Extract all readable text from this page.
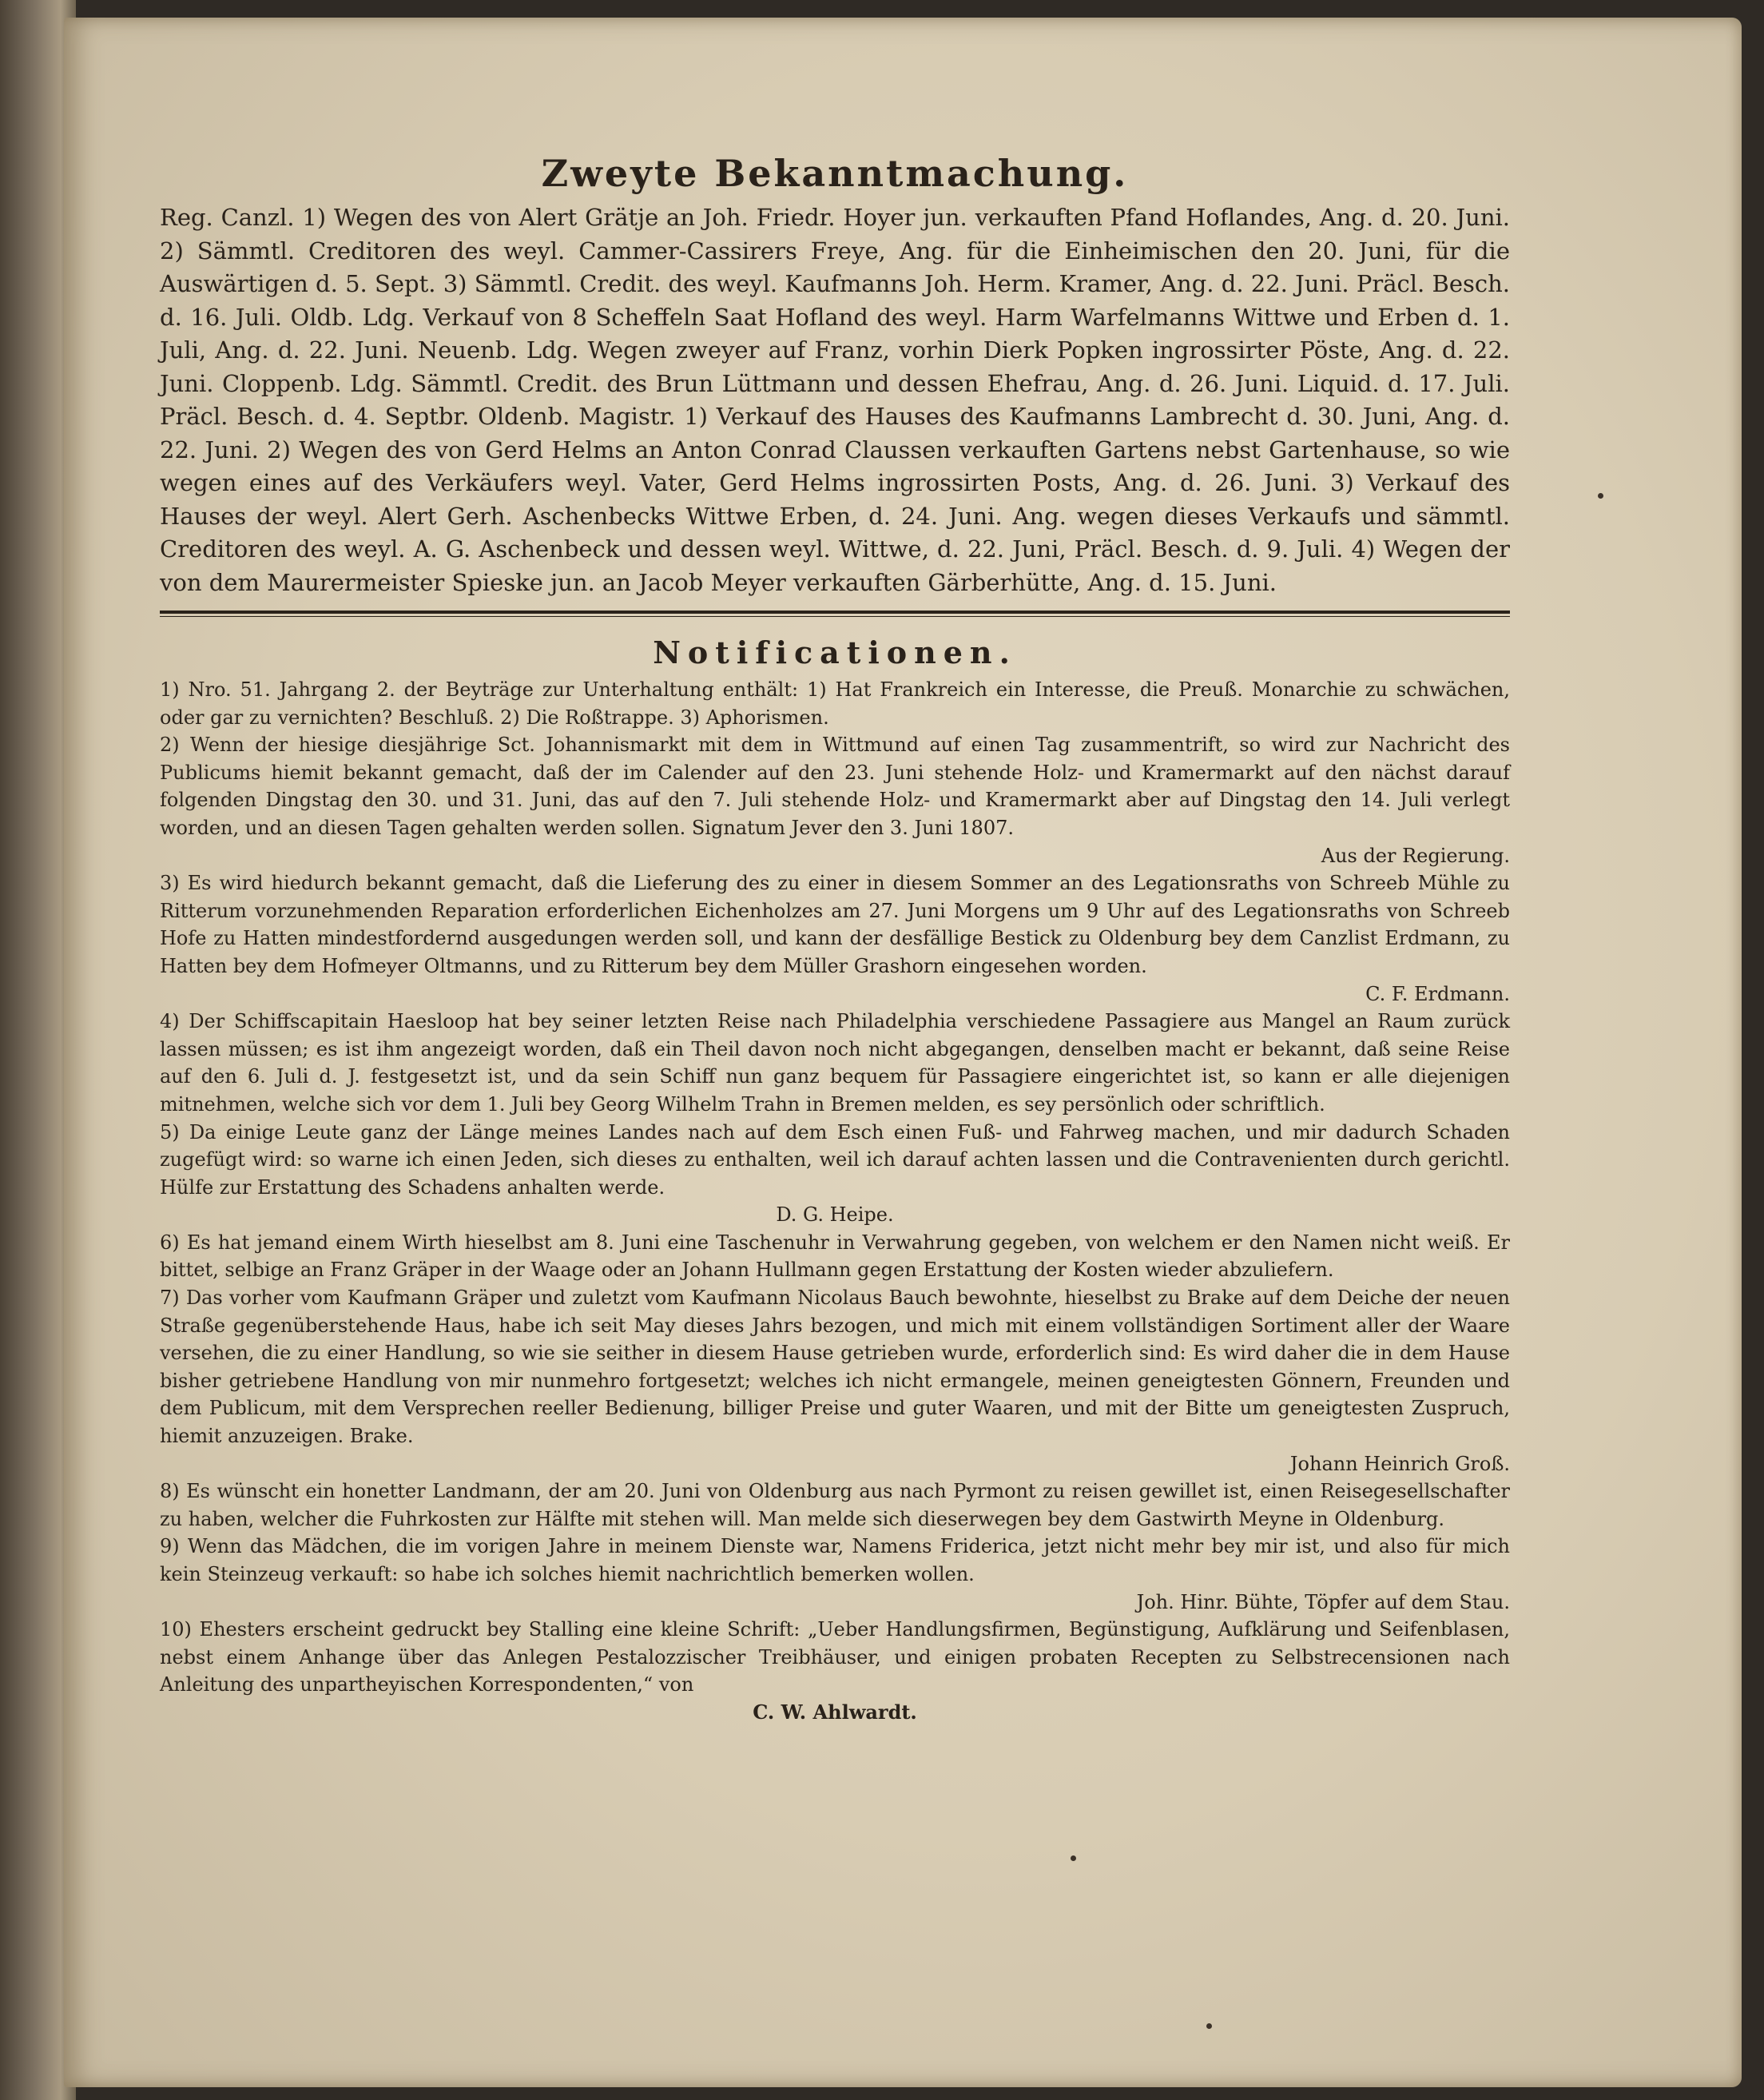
Zweyte Bekanntmachung.

Reg. Canzl. 1) Wegen des von Alert Grätje an Joh. Friedr. Hoyer jun. verkauften Pfand Hoflandes, Ang. d. 20. Juni. 2) Sämmtl. Creditoren des weyl. Cammer-Cassirers Freye, Ang. für die Einheimischen den 20. Juni, für die Auswärtigen d. 5. Sept. 3) Sämmtl. Credit. des weyl. Kaufmanns Joh. Herm. Kramer, Ang. d. 22. Juni. Präcl. Besch. d. 16. Juli. Oldb. Ldg. Verkauf von 8 Scheffeln Saat Hofland des weyl. Harm Warfelmanns Wittwe und Erben d. 1. Juli, Ang. d. 22. Juni. Neuenb. Ldg. Wegen zweyer auf Franz, vorhin Dierk Popken ingrossirter Pöste, Ang. d. 22. Juni. Cloppenb. Ldg. Sämmtl. Credit. des Brun Lüttmann und dessen Ehefrau, Ang. d. 26. Juni. Liquid. d. 17. Juli. Präcl. Besch. d. 4. Septbr. Oldenb. Magistr. 1) Verkauf des Hauses des Kaufmanns Lambrecht d. 30. Juni, Ang. d. 22. Juni. 2) Wegen des von Gerd Helms an Anton Conrad Claussen verkauften Gartens nebst Gartenhause, so wie wegen eines auf des Verkäufers weyl. Vater, Gerd Helms ingrossirten Posts, Ang. d. 26. Juni. 3) Verkauf des Hauses der weyl. Alert Gerh. Aschenbecks Wittwe Erben, d. 24. Juni. Ang. wegen dieses Verkaufs und sämmtl. Creditoren des weyl. A. G. Aschenbeck und dessen weyl. Wittwe, d. 22. Juni, Präcl. Besch. d. 9. Juli. 4) Wegen der von dem Maurermeister Spieske jun. an Jacob Meyer verkauften Gärberhütte, Ang. d. 15. Juni.

Notificationen.

1) Nro. 51. Jahrgang 2. der Beyträge zur Unterhaltung enthält: 1) Hat Frankreich ein Interesse, die Preuß. Monarchie zu schwächen, oder gar zu vernichten? Beschluß. 2) Die Roßtrappe. 3) Aphorismen.

2) Wenn der hiesige diesjährige Sct. Johannismarkt mit dem in Wittmund auf einen Tag zusammentrift, so wird zur Nachricht des Publicums hiemit bekannt gemacht, daß der im Calender auf den 23. Juni stehende Holz- und Kramermarkt auf den nächst darauf folgenden Dingstag den 30. und 31. Juni, das auf den 7. Juli stehende Holz- und Kramermarkt aber auf Dingstag den 14. Juli verlegt worden, und an diesen Tagen gehalten werden sollen. Signatum Jever den 3. Juni 1807.
Aus der Regierung.

3) Es wird hiedurch bekannt gemacht, daß die Lieferung des zu einer in diesem Sommer an des Legationsraths von Schreeb Mühle zu Ritterum vorzunehmenden Reparation erforderlichen Eichenholzes am 27. Juni Morgens um 9 Uhr auf des Legationsraths von Schreeb Hofe zu Hatten mindestfordernd ausgedungen werden soll, und kann der desfällige Bestick zu Oldenburg bey dem Canzlist Erdmann, zu Hatten bey dem Hofmeyer Oltmanns, und zu Ritterum bey dem Müller Grashorn eingesehen worden.
C. F. Erdmann.

4) Der Schiffscapitain Haesloop hat bey seiner letzten Reise nach Philadelphia verschiedene Passagiere aus Mangel an Raum zurück lassen müssen; es ist ihm angezeigt worden, daß ein Theil davon noch nicht abgegangen, denselben macht er bekannt, daß seine Reise auf den 6. Juli d. J. festgesetzt ist, und da sein Schiff nun ganz bequem für Passagiere eingerichtet ist, so kann er alle diejenigen mitnehmen, welche sich vor dem 1. Juli bey Georg Wilhelm Trahn in Bremen melden, es sey persönlich oder schriftlich.

5) Da einige Leute ganz der Länge meines Landes nach auf dem Esch einen Fuß- und Fahrweg machen, und mir dadurch Schaden zugefügt wird: so warne ich einen Jeden, sich dieses zu enthalten, weil ich darauf achten lassen und die Contravenienten durch gerichtl. Hülfe zur Erstattung des Schadens anhalten werde.
D. G. Heipe.

6) Es hat jemand einem Wirth hieselbst am 8. Juni eine Taschenuhr in Verwahrung gegeben, von welchem er den Namen nicht weiß. Er bittet, selbige an Franz Gräper in der Waage oder an Johann Hullmann gegen Erstattung der Kosten wieder abzuliefern.

7) Das vorher vom Kaufmann Gräper und zuletzt vom Kaufmann Nicolaus Bauch bewohnte, hieselbst zu Brake auf dem Deiche der neuen Straße gegenüberstehende Haus, habe ich seit May dieses Jahrs bezogen, und mich mit einem vollständigen Sortiment aller der Waare versehen, die zu einer Handlung, so wie sie seither in diesem Hause getrieben wurde, erforderlich sind: Es wird daher die in dem Hause bisher getriebene Handlung von mir nunmehro fortgesetzt; welches ich nicht ermangele, meinen geneigtesten Gönnern, Freunden und dem Publicum, mit dem Versprechen reeller Bedienung, billiger Preise und guter Waaren, und mit der Bitte um geneigtesten Zuspruch, hiemit anzuzeigen. Brake.
Johann Heinrich Groß.

8) Es wünscht ein honetter Landmann, der am 20. Juni von Oldenburg aus nach Pyrmont zu reisen gewillet ist, einen Reisegesellschafter zu haben, welcher die Fuhrkosten zur Hälfte mit stehen will. Man melde sich dieserwegen bey dem Gastwirth Meyne in Oldenburg.

9) Wenn das Mädchen, die im vorigen Jahre in meinem Dienste war, Namens Friderica, jetzt nicht mehr bey mir ist, und also für mich kein Steinzeug verkauft: so habe ich solches hiemit nachrichtlich bemerken wollen.
Joh. Hinr. Bühte, Töpfer auf dem Stau.

10) Ehesters erscheint gedruckt bey Stalling eine kleine Schrift: „Ueber Handlungsfirmen, Begünstigung, Aufklärung und Seifenblasen, nebst einem Anhange über das Anlegen Pestalozzischer Treibhäuser, und einigen probaten Recepten zu Selbstrecensionen nach Anleitung des unpartheyischen Korrespondenten,“ von
C. W. Ahlwardt.
